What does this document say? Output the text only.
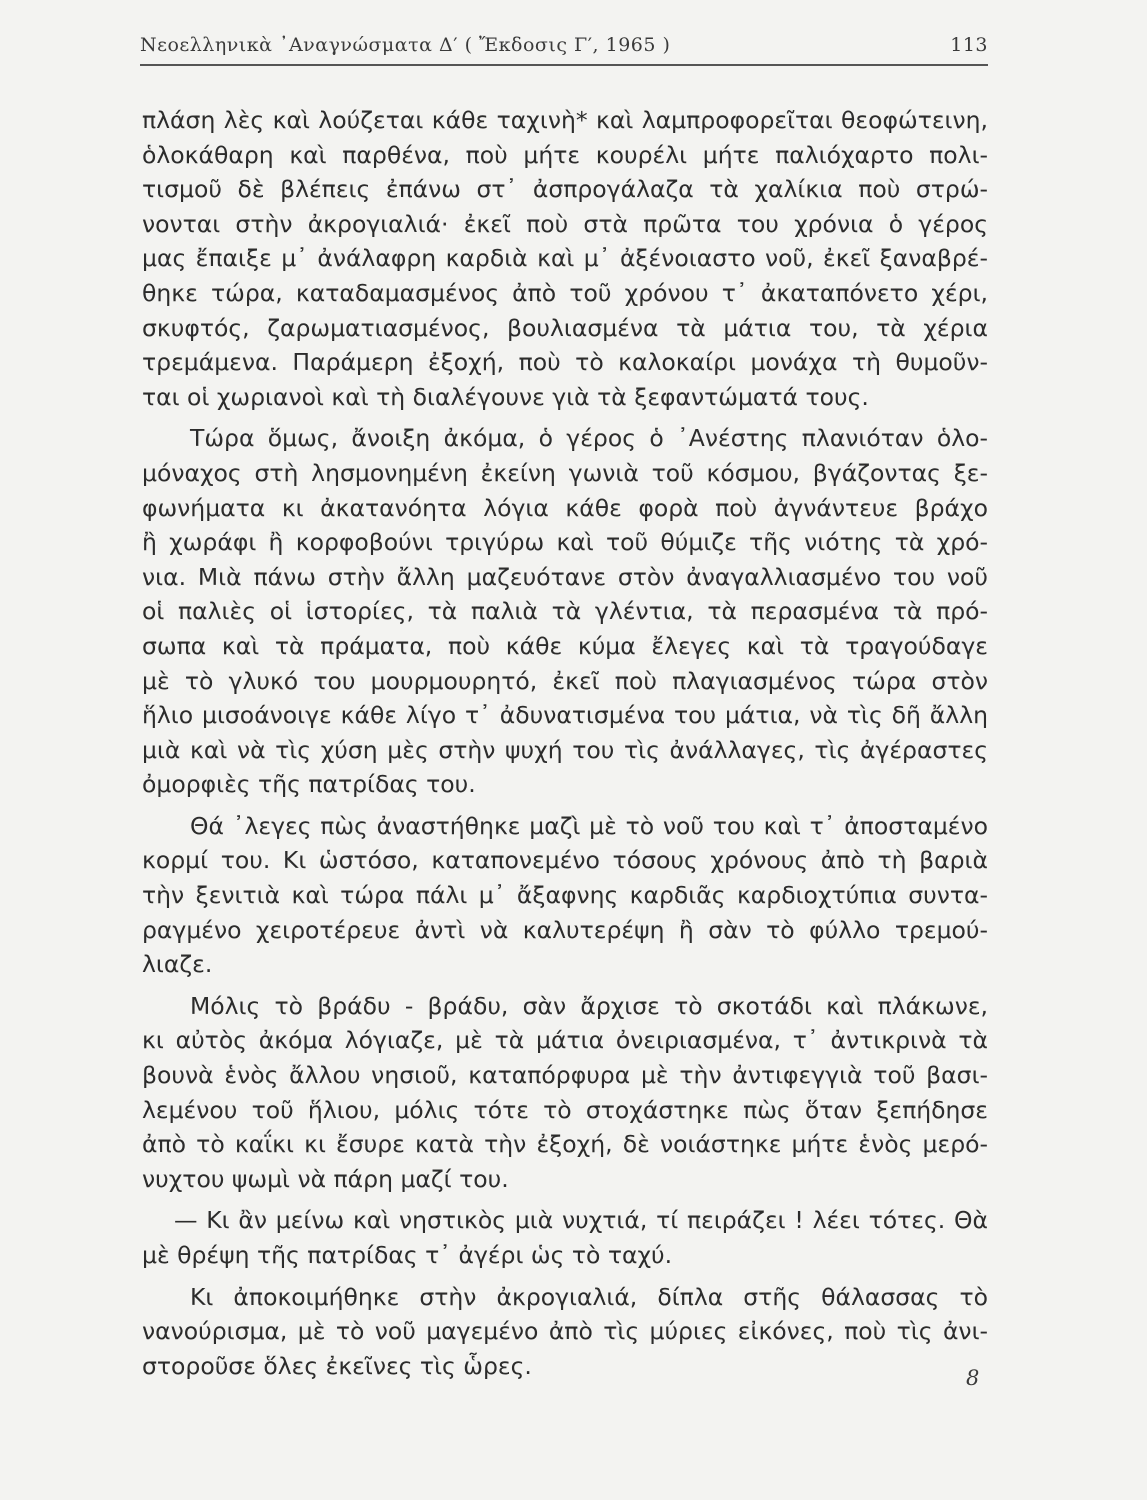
Νεοελληνικὰ ᾿Αναγνώσματα Δ′ ( Ἔκδοσις Γ′, 1965 )	113
πλάση λὲς καὶ λούζεται κάθε ταχινὴ* καὶ λαμπροφορεῖται θεοφώτεινη,
ὁλοκάθαρη καὶ παρθένα, ποὺ μήτε κουρέλι μήτε παλιόχαρτο πολι-
τισμοῦ δὲ βλέπεις ἐπάνω στ᾿ ἀσπρογάλαζα τὰ χαλίκια ποὺ στρώ-
νονται στὴν ἀκρογιαλιά· ἐκεῖ ποὺ στὰ πρῶτα του χρόνια ὁ γέρος
μας ἔπαιξε μ᾿ ἀνάλαφρη καρδιὰ καὶ μ᾿ ἀξένοιαστο νοῦ, ἐκεῖ ξαναβρέ-
θηκε τώρα, καταδαμασμένος ἀπὸ τοῦ χρόνου τ᾿ ἀκαταπόνετο χέρι,
σκυφτός, ζαρωματιασμένος, βουλιασμένα τὰ μάτια του, τὰ χέρια
τρεμάμενα. Παράμερη ἐξοχή, ποὺ τὸ καλοκαίρι μονάχα τὴ θυμοῦν-
ται οἱ χωριανοὶ καὶ τὴ διαλέγουνε γιὰ τὰ ξεφαντώματά τους.
Τώρα ὅμως, ἄνοιξη ἀκόμα, ὁ γέρος ὁ ᾿Ανέστης πλανιόταν ὁλο-
μόναχος στὴ λησμονημένη ἐκείνη γωνιὰ τοῦ κόσμου, βγάζοντας ξε-
φωνήματα κι ἀκατανόητα λόγια κάθε φορὰ ποὺ ἀγνάντευε βράχο
ἢ χωράφι ἢ κορφοβούνι τριγύρω καὶ τοῦ θύμιζε τῆς νιότης τὰ χρό-
νια. Μιὰ πάνω στὴν ἄλλη μαζευότανε στὸν ἀναγαλλιασμένο του νοῦ
οἱ παλιὲς οἱ ἱστορίες, τὰ παλιὰ τὰ γλέντια, τὰ περασμένα τὰ πρό-
σωπα καὶ τὰ πράματα, ποὺ κάθε κύμα ἔλεγες καὶ τὰ τραγούδαγε
μὲ τὸ γλυκό του μουρμουρητό, ἐκεῖ ποὺ πλαγιασμένος τώρα στὸν
ἥλιο μισοάνοιγε κάθε λίγο τ᾿ ἀδυνατισμένα του μάτια, νὰ τὶς δῆ ἄλλη
μιὰ καὶ νὰ τὶς χύση μὲς στὴν ψυχή του τὶς ἀνάλλαγες, τὶς ἀγέραστες
ὀμορφιὲς τῆς πατρίδας του.
Θά ᾿λεγες πὼς ἀναστήθηκε μαζὶ μὲ τὸ νοῦ του καὶ τ᾿ ἀποσταμένο
κορμί του. Κι ὡστόσο, καταπονεμένο τόσους χρόνους ἀπὸ τὴ βαριὰ
τὴν ξενιτιὰ καὶ τώρα πάλι μ᾿ ἄξαφνης καρδιᾶς καρδιοχτύπια συντα-
ραγμένο χειροτέρευε ἀντὶ νὰ καλυτερέψη ἢ σὰν τὸ φύλλο τρεμού-
λιαζε.
Μόλις τὸ βράδυ - βράδυ, σὰν ἄρχισε τὸ σκοτάδι καὶ πλάκωνε,
κι αὐτὸς ἀκόμα λόγιαζε, μὲ τὰ μάτια ὀνειριασμένα, τ᾿ ἀντικρινὰ τὰ
βουνὰ ἑνὸς ἄλλου νησιοῦ, καταπόρφυρα μὲ τὴν ἀντιφεγγιὰ τοῦ βασι-
λεμένου τοῦ ἥλιου, μόλις τότε τὸ στοχάστηκε πὼς ὅταν ξεπήδησε
ἀπὸ τὸ καΐκι κι ἔσυρε κατὰ τὴν ἐξοχή, δὲ νοιάστηκε μήτε ἑνὸς μερό-
νυχτου ψωμὶ νὰ πάρη μαζί του.
— Κι ἂν μείνω καὶ νηστικὸς μιὰ νυχτιά, τί πειράζει ! λέει τότες. Θὰ
μὲ θρέψη τῆς πατρίδας τ᾿ ἀγέρι ὡς τὸ ταχύ.
Κι ἀποκοιμήθηκε στὴν ἀκρογιαλιά, δίπλα στῆς θάλασσας τὸ
νανούρισμα, μὲ τὸ νοῦ μαγεμένο ἀπὸ τὶς μύριες εἰκόνες, ποὺ τὶς ἀνι-
στοροῦσε ὅλες ἐκεῖνες τὶς ὧρες.	8
